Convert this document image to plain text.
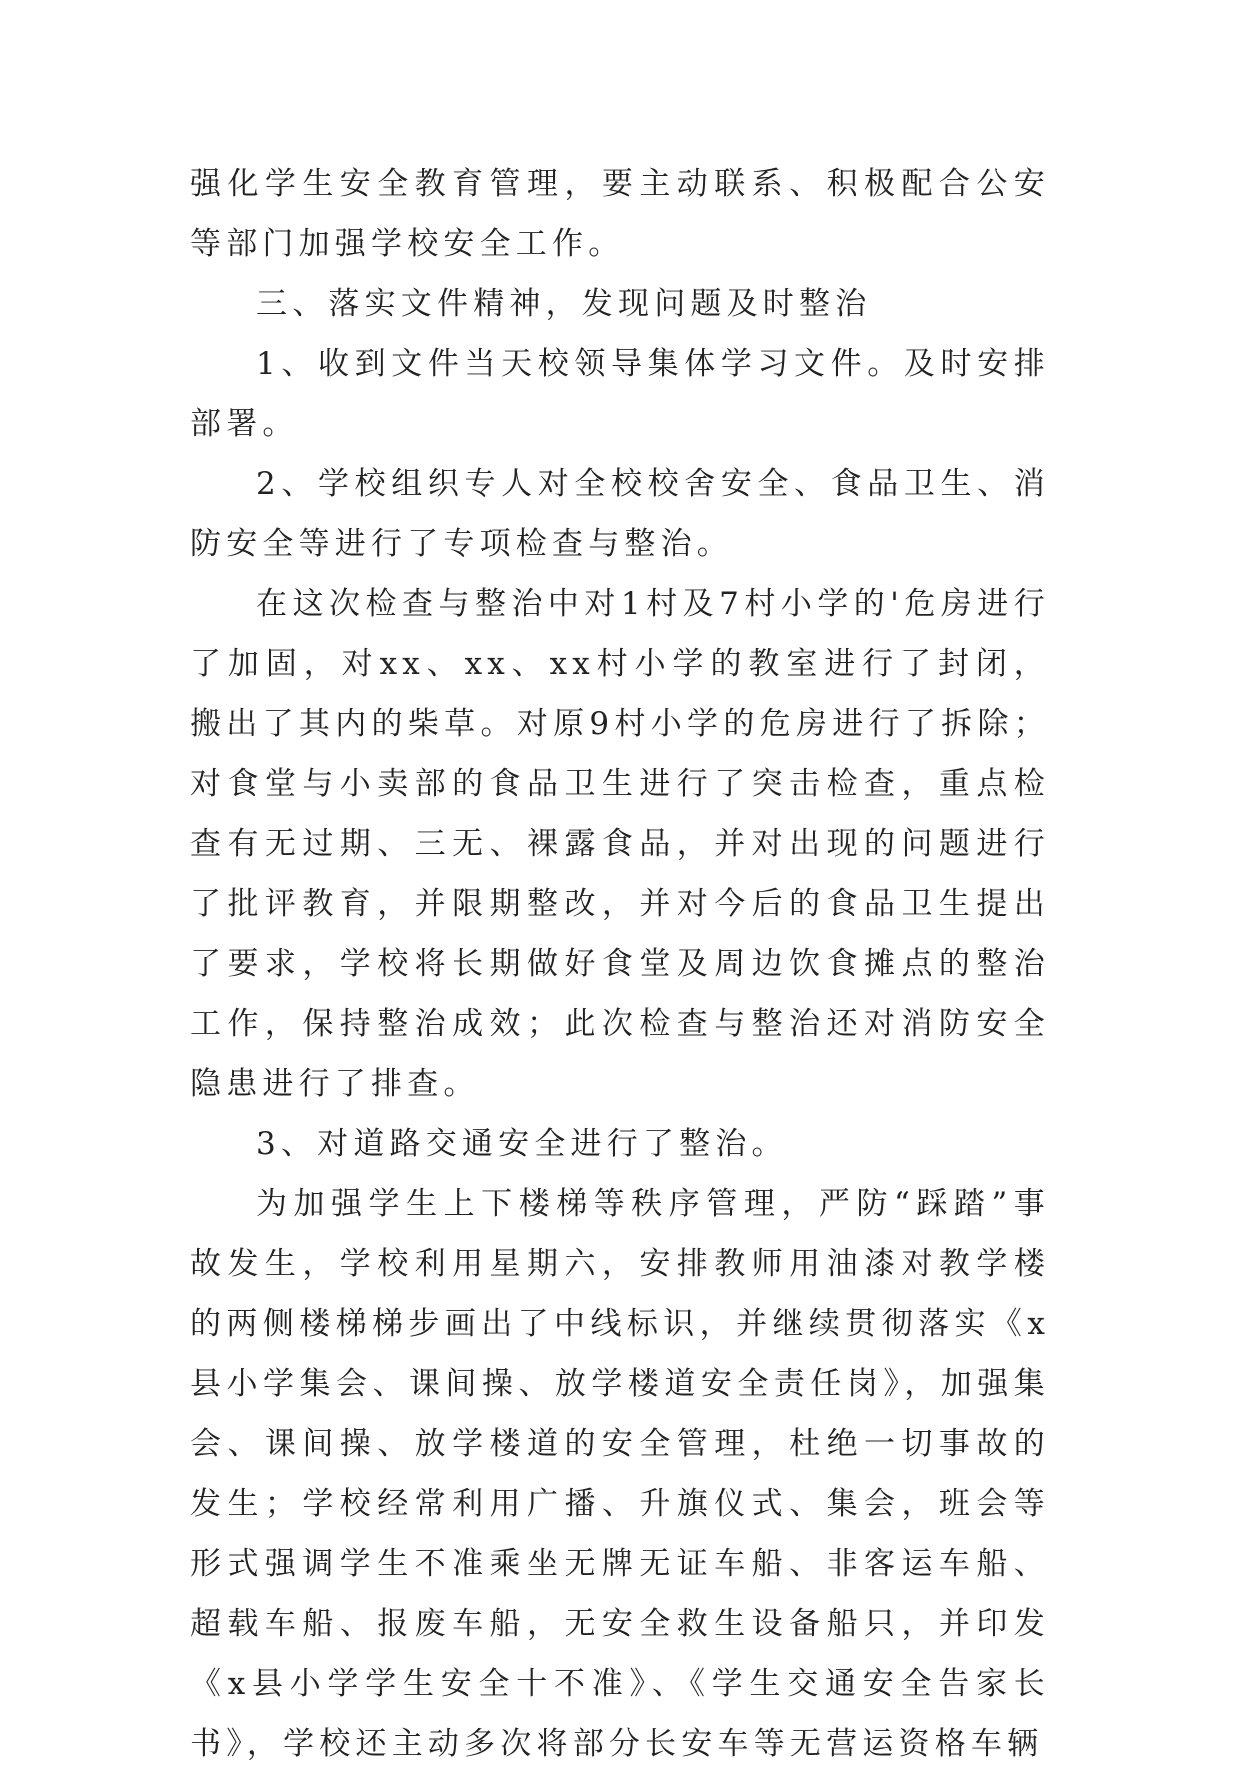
强化学生安全教育管理，要主动联系、积极配合公安等部门加强学校安全工作。

三、落实文件精神，发现问题及时整治

1、收到文件当天校领导集体学习文件。及时安排部署。

2、学校组织专人对全校校舍安全、食品卫生、消防安全等进行了专项检查与整治。

在这次检查与整治中对1村及7村小学的'危房进行了加固，对xx、xx、xx村小学的教室进行了封闭，搬出了其内的柴草。对原9村小学的危房进行了拆除；对食堂与小卖部的食品卫生进行了突击检查，重点检查有无过期、三无、裸露食品，并对出现的问题进行了批评教育，并限期整改，并对今后的食品卫生提出了要求，学校将长期做好食堂及周边饮食摊点的整治工作，保持整治成效；此次检查与整治还对消防安全隐患进行了排查。

3、对道路交通安全进行了整治。

为加强学生上下楼梯等秩序管理，严防“踩踏”事故发生，学校利用星期六，安排教师用油漆对教学楼的两侧楼梯梯步画出了中线标识，并继续贯彻落实《x县小学集会、课间操、放学楼道安全责任岗》，加强集会、课间操、放学楼道的安全管理，杜绝一切事故的发生；学校经常利用广播、升旗仪式、集会，班会等形式强调学生不准乘坐无牌无证车船、非客运车船、超载车船、报废车船，无安全救生设备船只，并印发《x县小学学生安全十不准》、《学生交通安全告家长书》，学校还主动多次将部分长安车等无营运资格车辆
